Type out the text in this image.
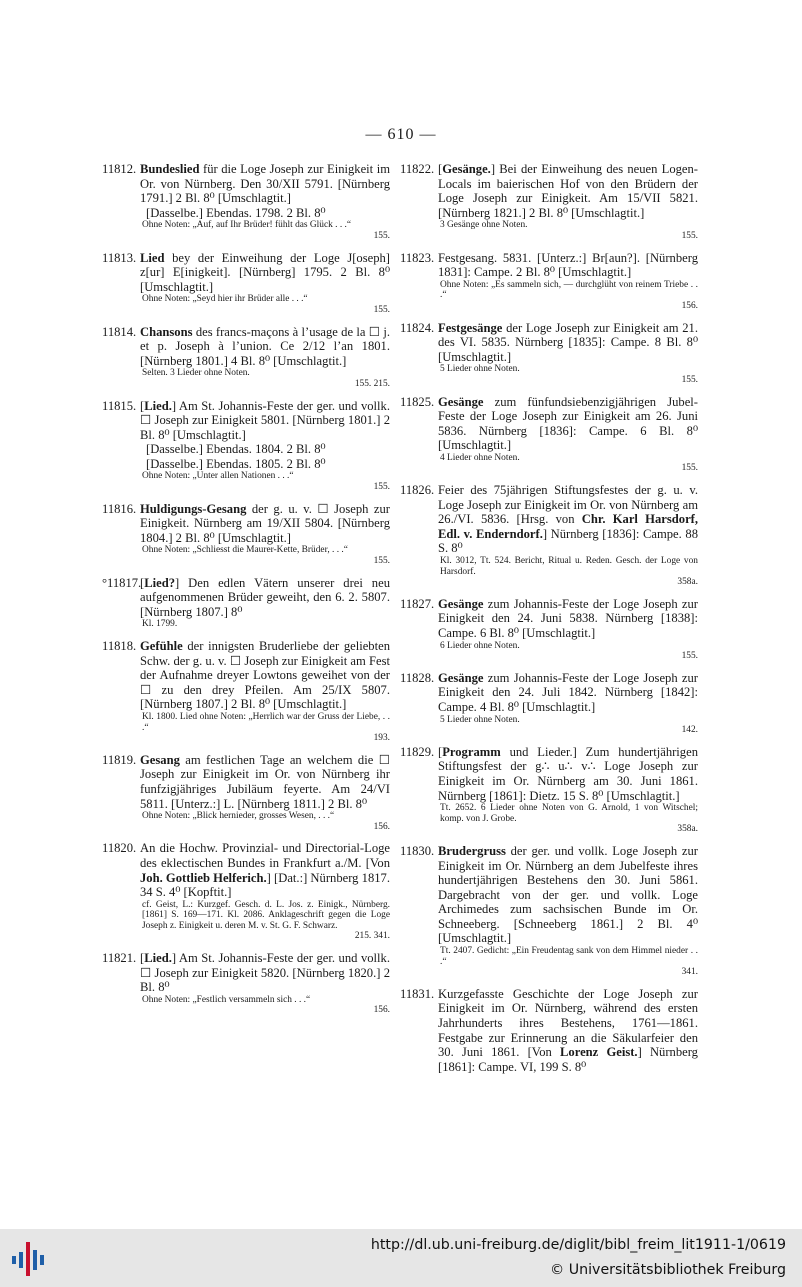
— 610 —
11812. Bundeslied für die Loge Joseph zur Einigkeit im Or. von Nürnberg. Den 30/XII 5791. [Nürnberg 1791.] 2 Bl. 8⁰ [Umschlagtit.]
[Dasselbe.] Ebendas. 1798. 2 Bl. 8⁰
Ohne Noten: „Auf, auf Ihr Brüder! fühlt das Glück . . .“
155.
11813. Lied bey der Einweihung der Loge J[oseph] z[ur] E[inigkeit]. [Nürnberg] 1795. 2 Bl. 8⁰ [Umschlagtit.]
Ohne Noten: „Seyd hier ihr Brüder alle . . .“
155.
11814. Chansons des francs-maçons à l’usage de la ☐ j. et p. Joseph à l’union. Ce 2/12 l’an 1801. [Nürnberg 1801.] 4 Bl. 8⁰ [Umschlagtit.]
Selten. 3 Lieder ohne Noten.
155. 215.
11815. [Lied.] Am St. Johannis-Feste der ger. und vollk. ☐ Joseph zur Einigkeit 5801. [Nürnberg 1801.] 2 Bl. 8⁰ [Umschlagtit.]
[Dasselbe.] Ebendas. 1804. 2 Bl. 8⁰
[Dasselbe.] Ebendas. 1805. 2 Bl. 8⁰
Ohne Noten: „Unter allen Nationen . . .“
155.
11816. Huldigungs-Gesang der g. u. v. ☐ Joseph zur Einigkeit. Nürnberg am 19/XII 5804. [Nürnberg 1804.] 2 Bl. 8⁰ [Umschlagtit.]
Ohne Noten: „Schliesst die Maurer-Kette, Brüder, . . .“
155.
°11817.
[Lied?] Den edlen Vätern unserer drei neu aufgenommenen Brüder geweiht, den 6. 2. 5807. [Nürnberg 1807.] 8⁰
Kl. 1799.
11818. Gefühle der innigsten Bruderliebe der geliebten Schw. der g. u. v. ☐ Joseph zur Einigkeit am Fest der Aufnahme dreyer Lowtons geweihet von der ☐ zu den drey Pfeilen. Am 25/IX 5807. [Nürnberg 1807.] 2 Bl. 8⁰ [Umschlagtit.]
Kl. 1800. Lied ohne Noten: „Herrlich war der Gruss der Liebe, . . .“
193.
11819. Gesang am festlichen Tage an welchem die ☐ Joseph zur Einigkeit im Or. von Nürnberg ihr funfzigjähriges Jubiläum feyerte. Am 24/VI 5811. [Unterz.:] L. [Nürnberg 1811.] 2 Bl. 8⁰
Ohne Noten: „Blick hernieder, grosses Wesen, . . .“
156.
11820. An die Hochw. Provinzial- und Directorial-Loge des eklectischen Bundes in Frankfurt a./M. [Von Joh. Gottlieb Helferich.] [Dat.:] Nürnberg 1817. 34 S. 4⁰ [Kopftit.]
cf. Geist, L.: Kurzgef. Gesch. d. L. Jos. z. Einigk., Nürnberg. [1861] S. 169—171. Kl. 2086. Anklageschrift gegen die Loge Joseph z. Einigkeit u. deren M. v. St. G. F. Schwarz.
215. 341.
11821. [Lied.] Am St. Johannis-Feste der ger. und vollk. ☐ Joseph zur Einigkeit 5820. [Nürnberg 1820.] 2 Bl. 8⁰
Ohne Noten: „Festlich versammeln sich . . .“
156.
11822. [Gesänge.] Bei der Einweihung des neuen Logen-Locals im baierischen Hof von den Brüdern der Loge Joseph zur Einigkeit. Am 15/VII 5821. [Nürnberg 1821.] 2 Bl. 8⁰ [Umschlagtit.]
3 Gesänge ohne Noten.
155.
11823. Festgesang. 5831. [Unterz.:] Br[aun?]. [Nürnberg 1831]: Campe. 2 Bl. 8⁰ [Umschlagtit.]
Ohne Noten: „Es sammeln sich, — durchglüht von reinem Triebe . . .“
156.
11824. Festgesänge der Loge Joseph zur Einigkeit am 21. des VI. 5835. Nürnberg [1835]: Campe. 8 Bl. 8⁰ [Umschlagtit.]
5 Lieder ohne Noten.
155.
11825. Gesänge zum fünfundsiebenzigjährigen Jubel-Feste der Loge Joseph zur Einigkeit am 26. Juni 5836. Nürnberg [1836]: Campe. 6 Bl. 8⁰ [Umschlagtit.]
4 Lieder ohne Noten.
155.
11826. Feier des 75jährigen Stiftungsfestes der g. u. v. Loge Joseph zur Einigkeit im Or. von Nürnberg am 26./VI. 5836. [Hrsg. von Chr. Karl Harsdorf, Edl. v. Enderndorf.] Nürnberg [1836]: Campe. 88 S. 8⁰
Kl. 3012, Tt. 524. Bericht, Ritual u. Reden. Gesch. der Loge von Harsdorf.
358a.
11827. Gesänge zum Johannis-Feste der Loge Joseph zur Einigkeit den 24. Juni 5838. Nürnberg [1838]: Campe. 6 Bl. 8⁰ [Umschlagtit.]
6 Lieder ohne Noten.
155.
11828. Gesänge zum Johannis-Feste der Loge Joseph zur Einigkeit den 24. Juli 1842. Nürnberg [1842]: Campe. 4 Bl. 8⁰ [Umschlagtit.]
5 Lieder ohne Noten.
142.
11829. [Programm und Lieder.] Zum hundertjährigen Stiftungsfest der g∴ u∴ v∴ Loge Joseph zur Einigkeit im Or. Nürnberg am 30. Juni 1861. Nürnberg [1861]: Dietz. 15 S. 8⁰ [Umschlagtit.]
Tt. 2652. 6 Lieder ohne Noten von G. Arnold, 1 von Witschel; komp. von J. Grobe.
358a.
11830. Brudergruss der ger. und vollk. Loge Joseph zur Einigkeit im Or. Nürnberg an dem Jubelfeste ihres hundertjährigen Bestehens den 30. Juni 5861. Dargebracht von der ger. und vollk. Loge Archimedes zum sachsischen Bunde im Or. Schneeberg. [Schneeberg 1861.] 2 Bl. 4⁰ [Umschlagtit.]
Tt. 2407. Gedicht: „Ein Freudentag sank von dem Himmel nieder . . .“
341.
11831. Kurzgefasste Geschichte der Loge Joseph zur Einigkeit im Or. Nürnberg, während des ersten Jahrhunderts ihres Bestehens, 1761—1861. Festgabe zur Erinnerung an die Säkularfeier den 30. Juni 1861. [Von Lorenz Geist.] Nürnberg [1861]: Campe. VI, 199 S. 8⁰
http://dl.ub.uni-freiburg.de/diglit/bibl_freim_lit1911-1/0619
© Universitätsbibliothek Freiburg
